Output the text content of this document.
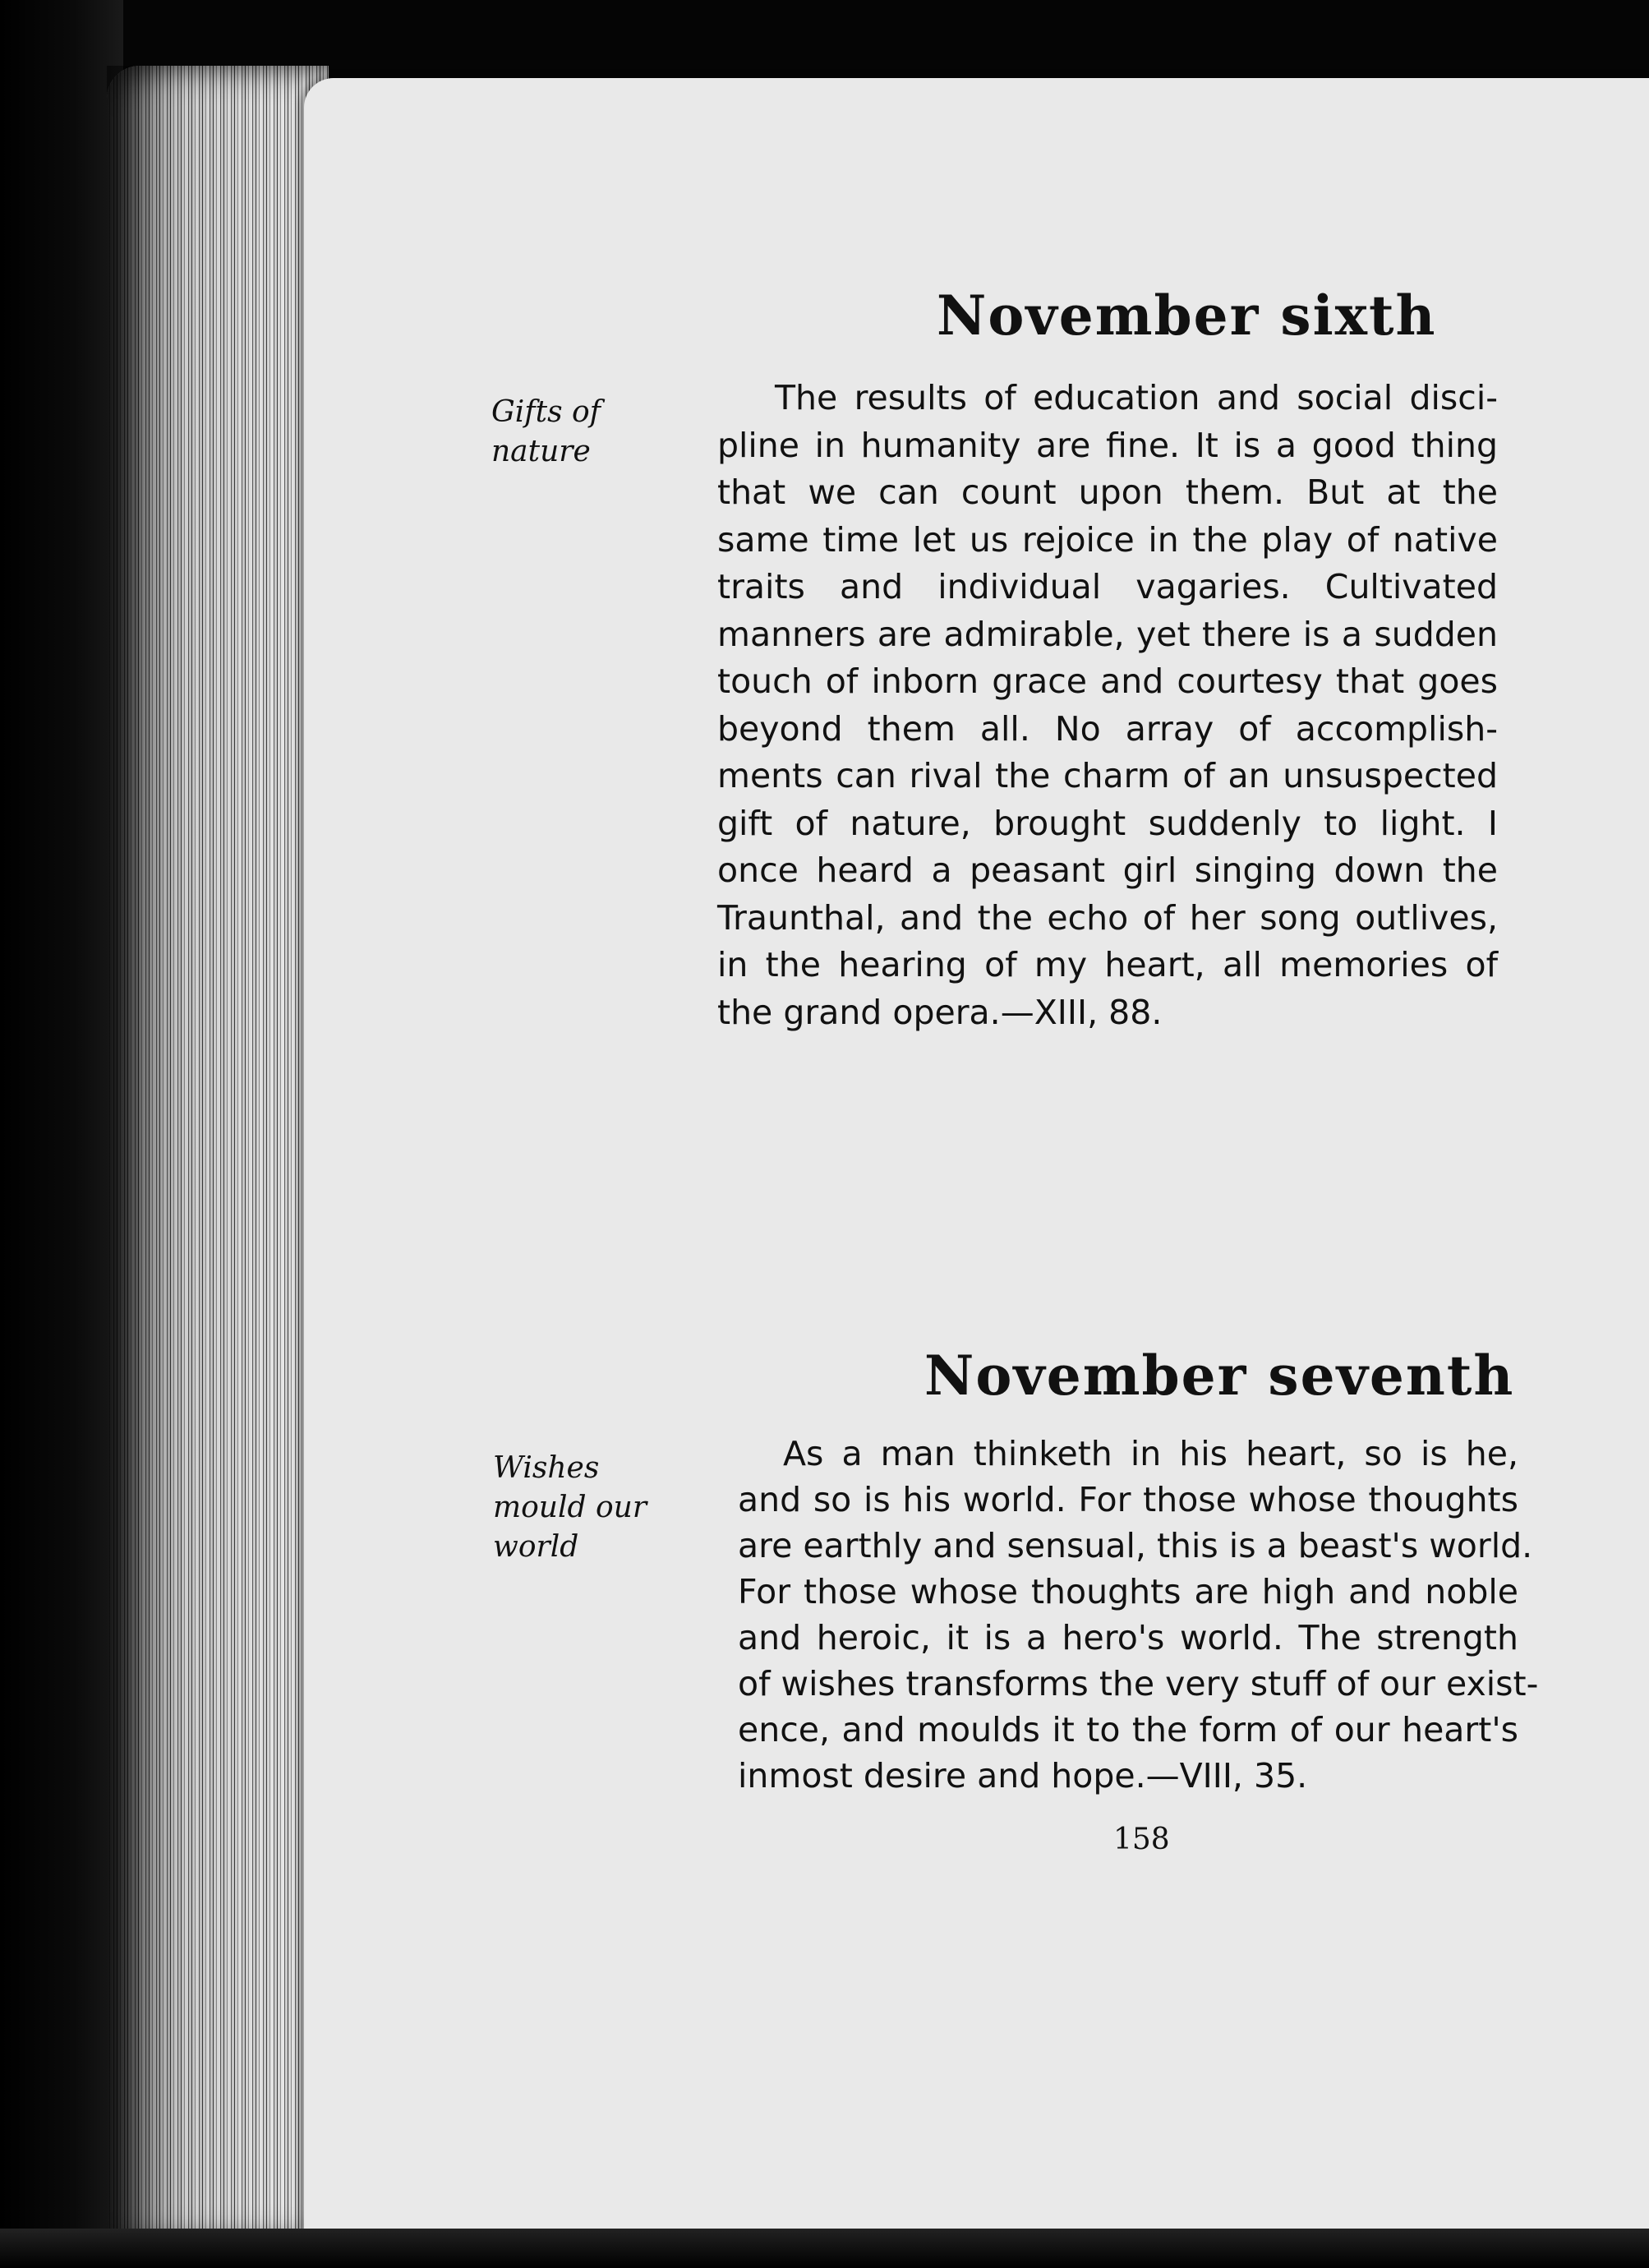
November sixth
Gifts of
nature
The results of education and social disci-
pline in humanity are fine. It is a good thing
that we can count upon them. But at the
same time let us rejoice in the play of native
traits and individual vagaries. Cultivated
manners are admirable, yet there is a sudden
touch of inborn grace and courtesy that goes
beyond them all. No array of accomplish-
ments can rival the charm of an unsuspected
gift of nature, brought suddenly to light. I
once heard a peasant girl singing down the
Traunthal, and the echo of her song outlives,
in the hearing of my heart, all memories of
the grand opera.—XIII, 88.
November seventh
Wishes
mould our
world
As a man thinketh in his heart, so is he,
and so is his world. For those whose thoughts
are earthly and sensual, this is a beast's world.
For those whose thoughts are high and noble
and heroic, it is a hero's world. The strength
of wishes transforms the very stuff of our exist-
ence, and moulds it to the form of our heart's
inmost desire and hope.—VIII, 35.
158
